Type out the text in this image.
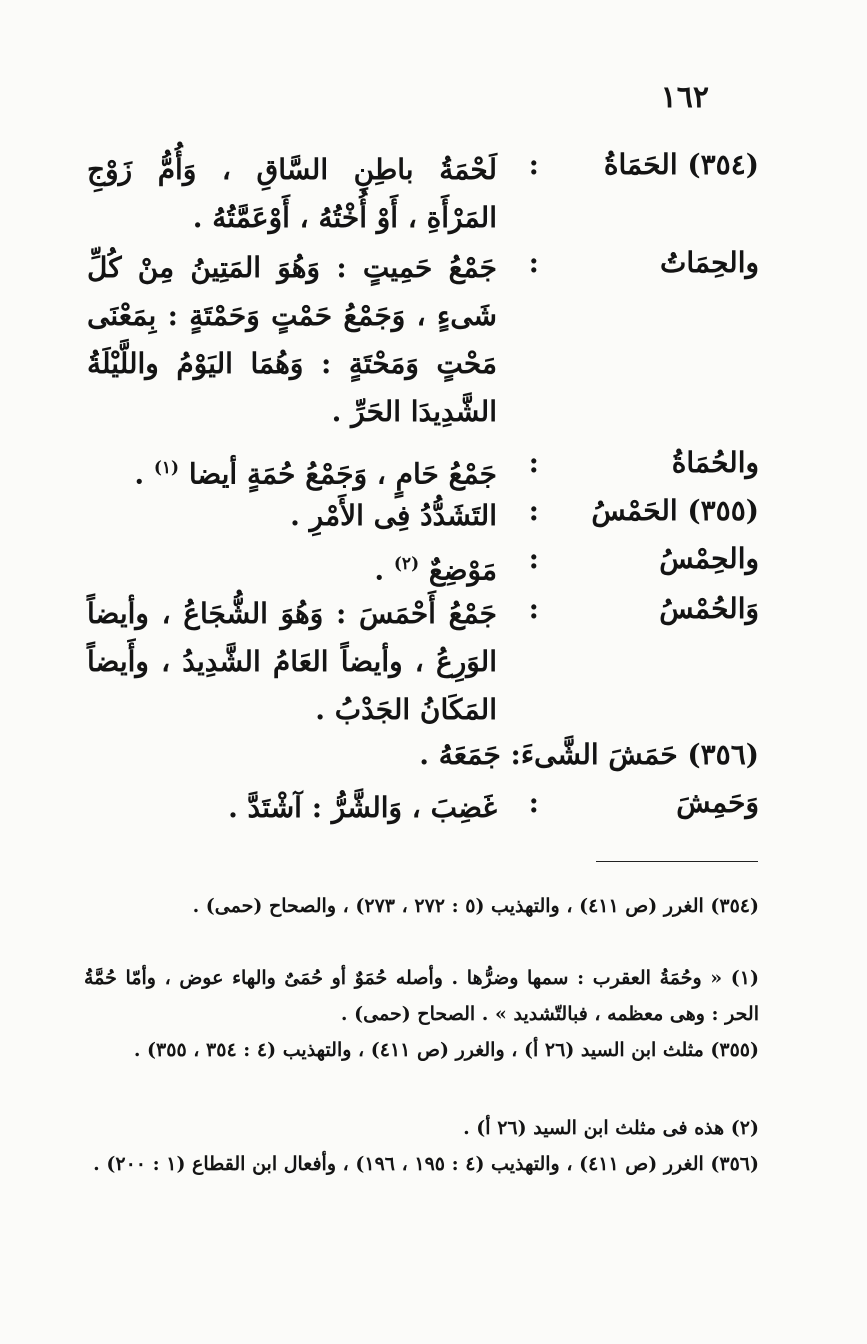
١٦٢
(٣٥٤) الحَمَاةُ
:
لَحْمَةُ باطِنِ السَّاقِ ، وَأُمُّ زَوْجِ المَرْأَةِ ، أَوْ أُخْتُهُ ، أَوْعَمَّتُهُ .
والحِمَاتُ
:
جَمْعُ حَمِيتٍ : وَهُوَ المَتِينُ مِنْ كُلِّ شَىءٍ ، وَجَمْعُ حَمْتٍ وَحَمْتَةٍ : بِمَعْنَى مَحْتٍ وَمَحْتَةٍ : وَهُمَا اليَوْمُ واللَّيْلَةُ الشَّدِيدَا الحَرِّ .
والحُمَاةُ
:
جَمْعُ حَامٍ ، وَجَمْعُ حُمَةٍ أيضا $^{(١)}$ .
(٣٥٥) الحَمْسُ
:
التَشَدُّدُ فِى الأَمْرِ .
والحِمْسُ
:
مَوْضِعٌ $^{(٢)}$ .
وَالحُمْسُ
:
جَمْعُ أَحْمَسَ : وَهُوَ الشُّجَاعُ ، وأيضاً الوَرِعُ ، وأيضاً العَامُ الشَّدِيدُ ، وأَيضاً المَكَانُ الجَدْبُ .
(٣٥٦) حَمَشَ الشَّىءَ: جَمَعَهُ .
وَحَمِشَ
:
غَضِبَ ، وَالشَّرُّ : آشْتَدَّ .
(٣٥٤) الغرر (ص ٤١١) ، والتهذيب (٥ : ٢٧٢ ، ٢٧٣) ، والصحاح (حمى) .
(١) « وحُمَةُ العقرب : سمها وضرُّها . وأصله حُمَوٌ أو حُمَىٌ والهاء عوض ، وأمّا حُمَّةُ الحر : وهى معظمه ، فبالتّشديد » . الصحاح (حمى) .
(٣٥٥) مثلث ابن السيد (٢٦ أ) ، والغرر (ص ٤١١) ، والتهذيب (٤ : ٣٥٤ ، ٣٥٥) .
(٢) هذه فى مثلث ابن السيد (٢٦ أ) .
(٣٥٦) الغرر (ص ٤١١) ، والتهذيب (٤ : ١٩٥ ، ١٩٦) ، وأفعال ابن القطاع (١ : ٢٠٠) .
